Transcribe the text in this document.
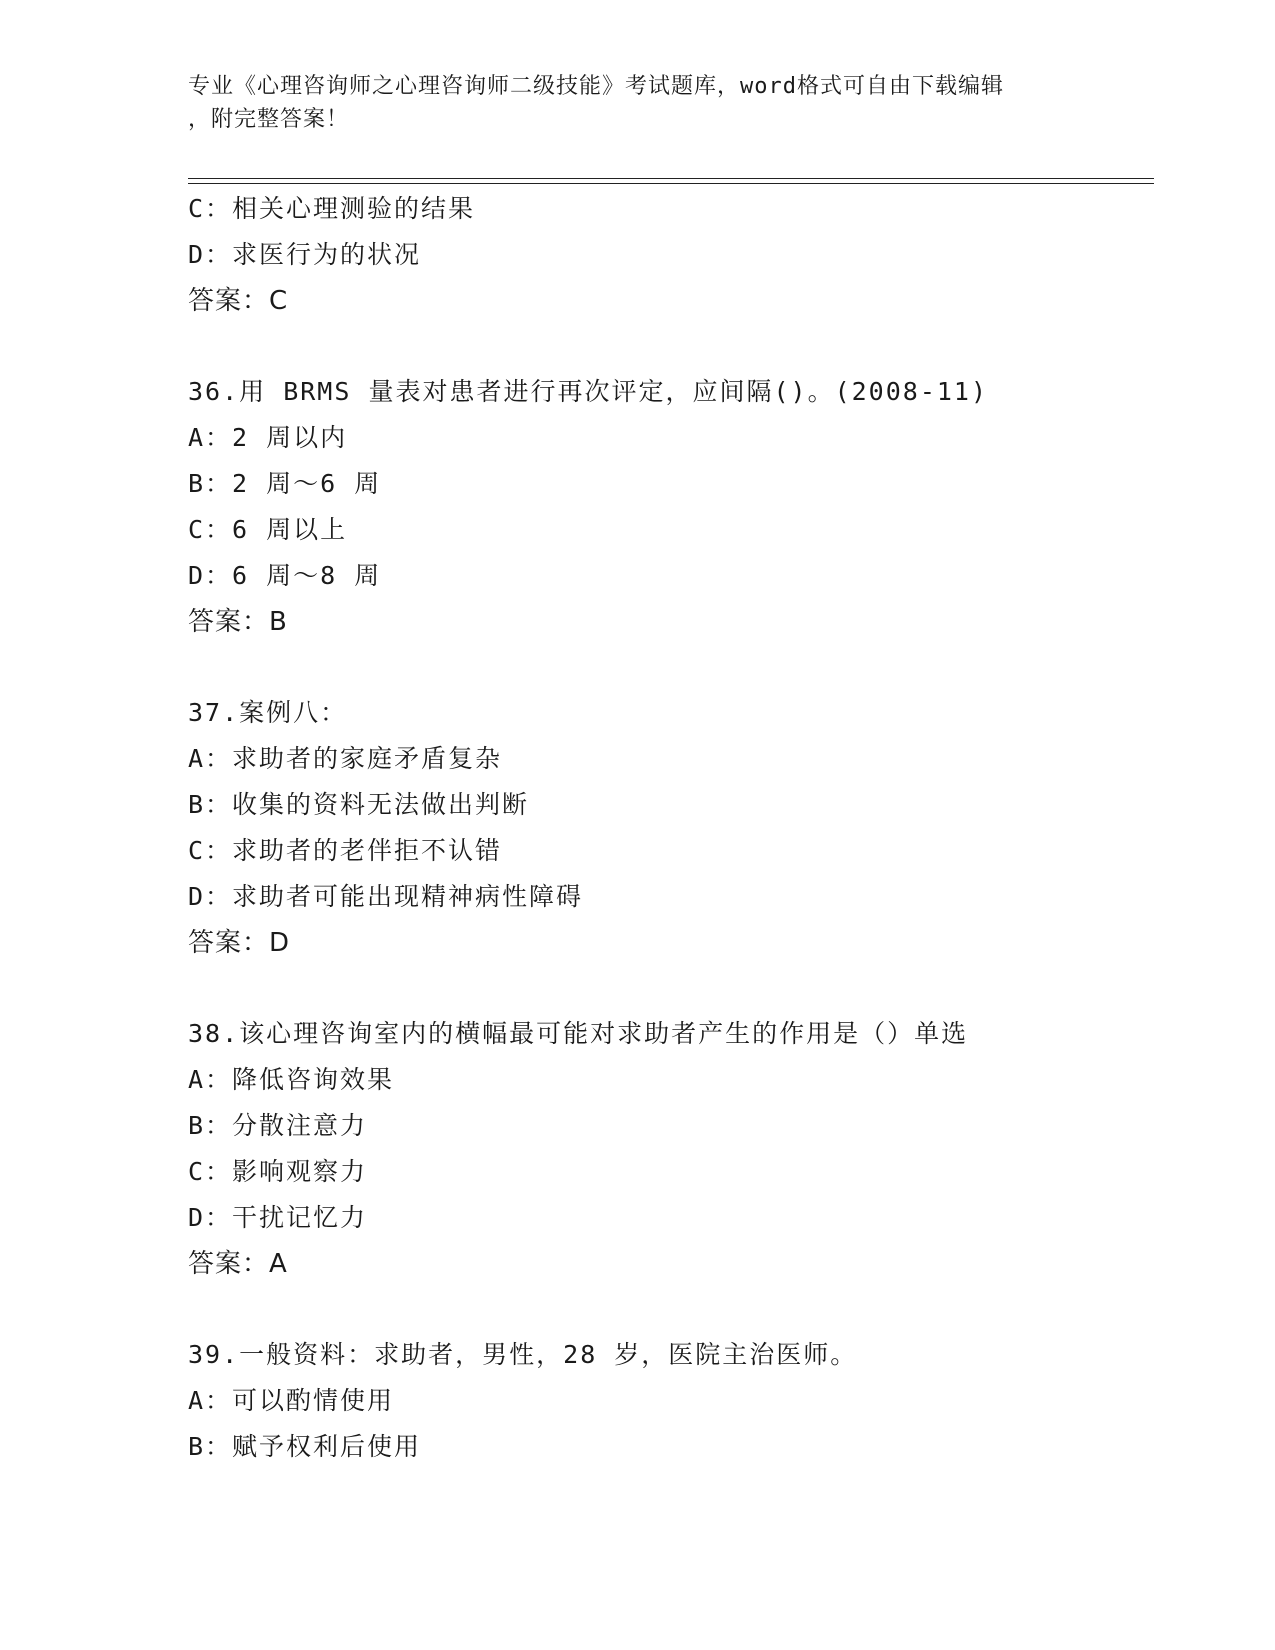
专业《心理咨询师之心理咨询师二级技能》考试题库，word格式可自由下载编辑
，附完整答案！
C：相关心理测验的结果
D：求医行为的状况
答案：C
36.用 BRMS 量表对患者进行再次评定，应间隔()。(2008-11)
A：2 周以内
B：2 周～6 周
C：6 周以上
D：6 周～8 周
答案：B
37.案例八：
A：求助者的家庭矛盾复杂
B：收集的资料无法做出判断
C：求助者的老伴拒不认错
D：求助者可能出现精神病性障碍
答案：D
38.该心理咨询室内的横幅最可能对求助者产生的作用是（）单选
A：降低咨询效果
B：分散注意力
C：影响观察力
D：干扰记忆力
答案：A
39.一般资料：求助者，男性，28 岁，医院主治医师。
A：可以酌情使用
B：赋予权利后使用
